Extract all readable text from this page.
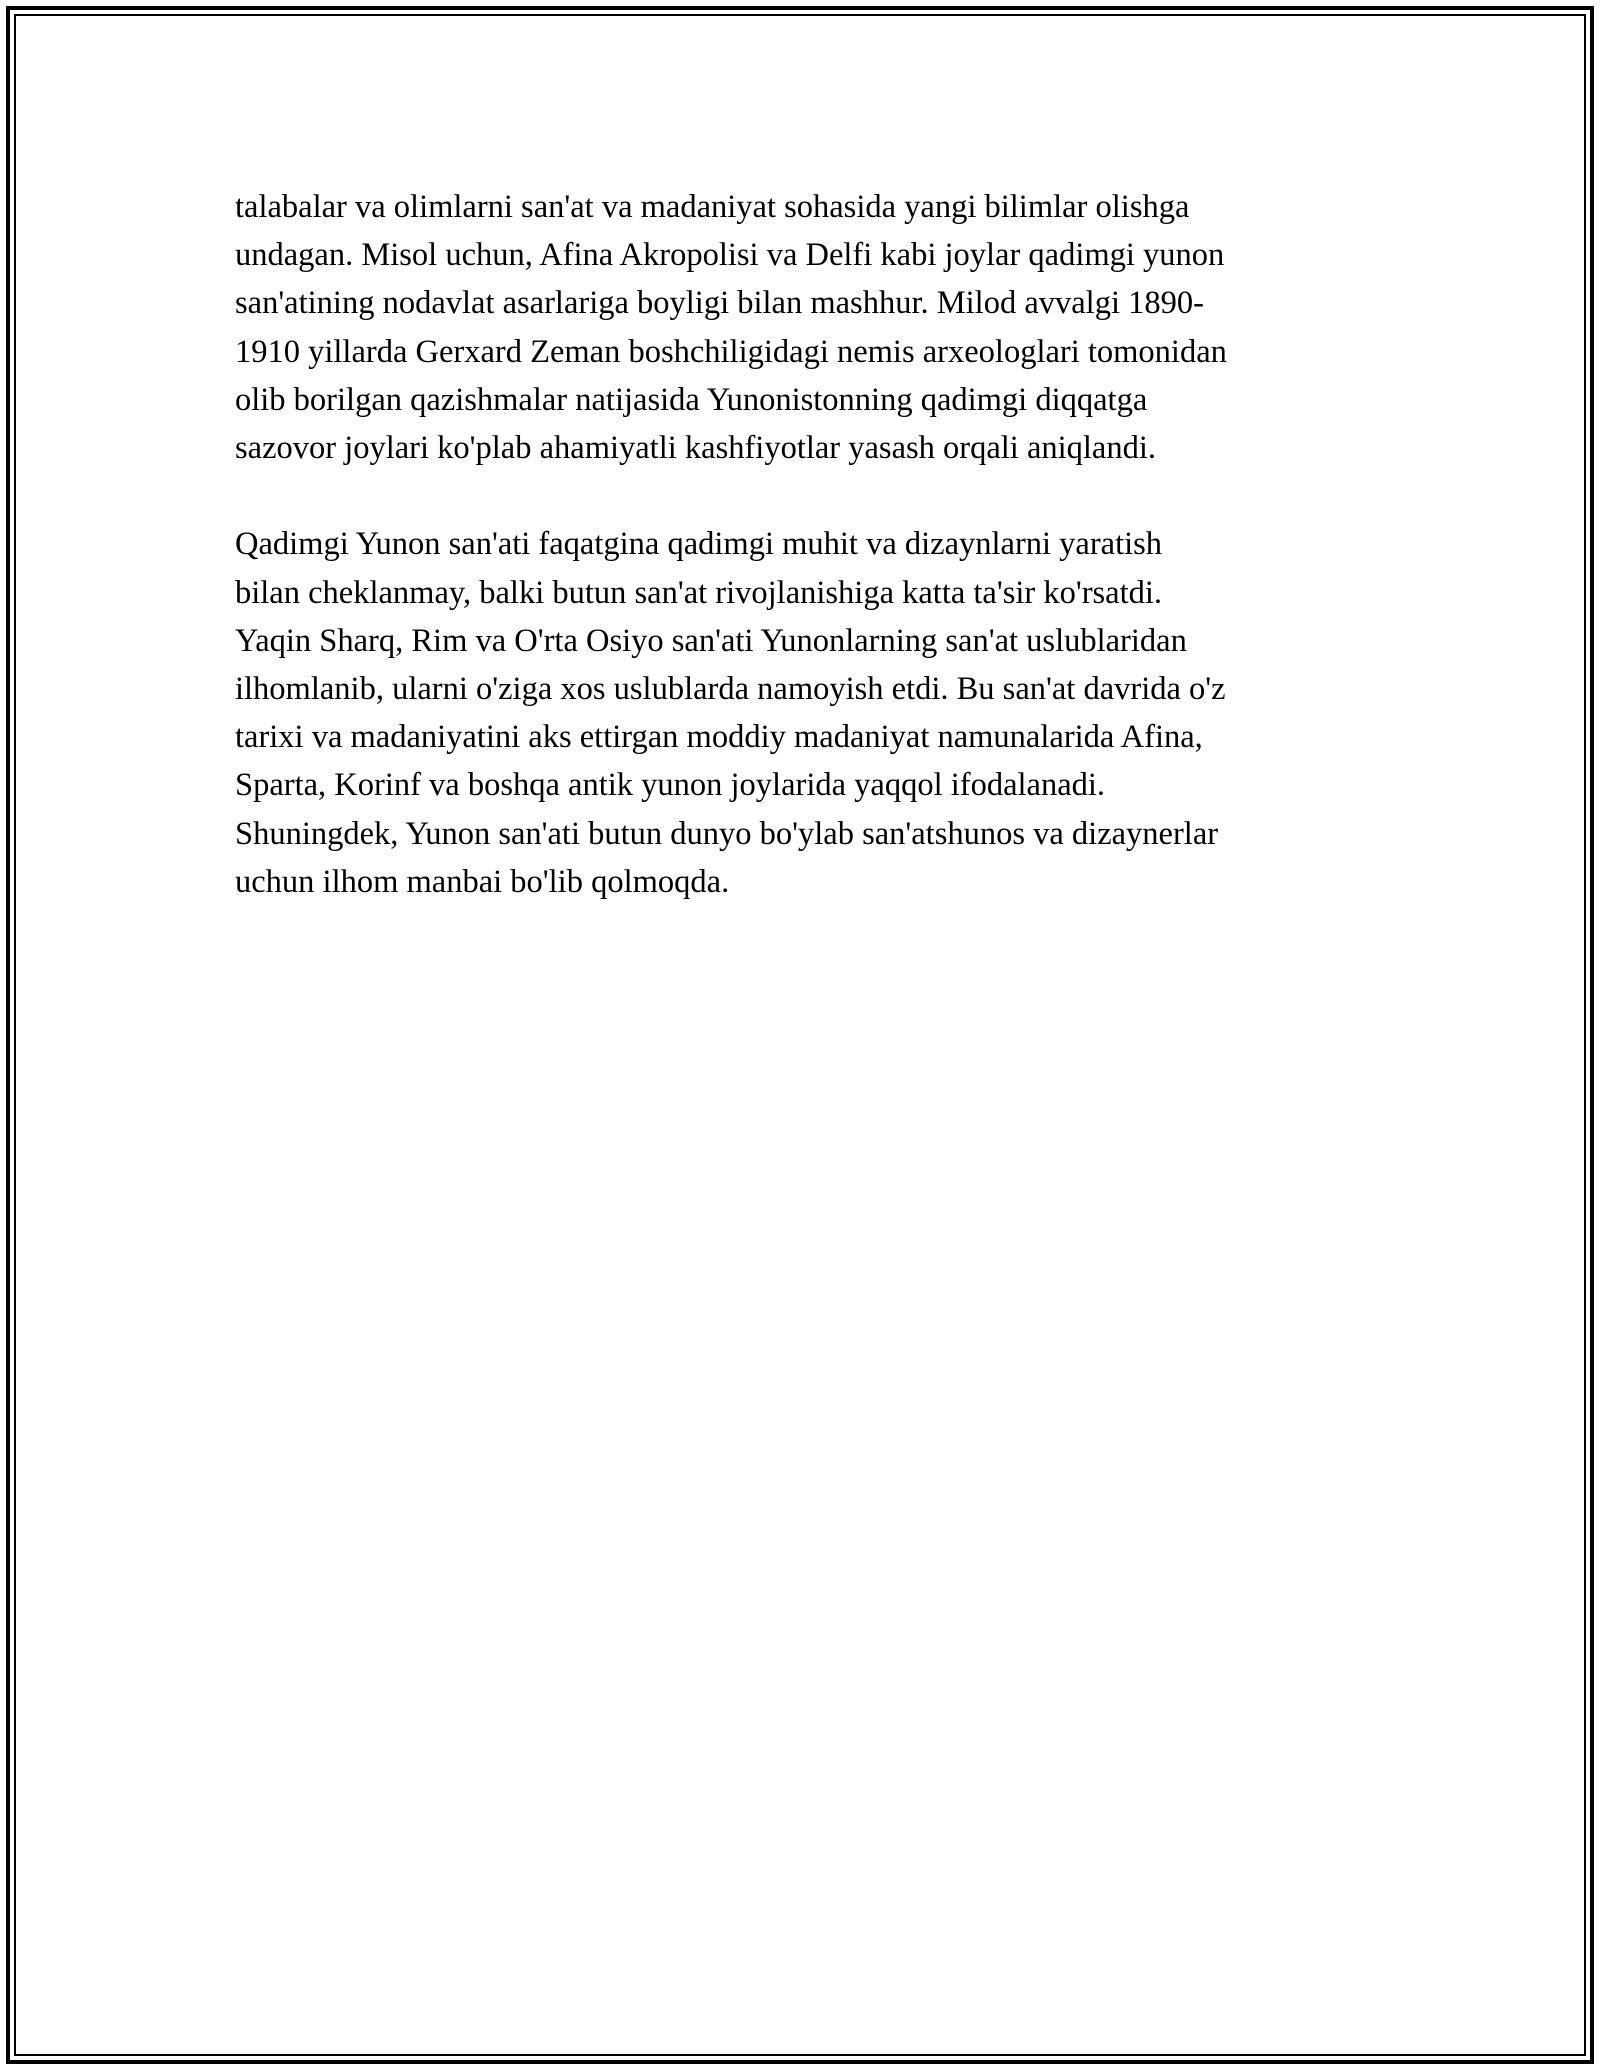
talabalar va olimlarni san'at va madaniyat sohasida yangi bilimlar olishga
undagan. Misol uchun, Afina Akropolisi va Delfi kabi joylar qadimgi yunon
san'atining nodavlat asarlariga boyligi bilan mashhur. Milod avvalgi 1890-
1910 yillarda Gerxard Zeman boshchiligidagi nemis arxeologlari tomonidan
olib borilgan qazishmalar natijasida Yunonistonning qadimgi diqqatga
sazovor joylari ko'plab ahamiyatli kashfiyotlar yasash orqali aniqlandi.

Qadimgi Yunon san'ati faqatgina qadimgi muhit va dizaynlarni yaratish
bilan cheklanmay, balki butun san'at rivojlanishiga katta ta'sir ko'rsatdi.
Yaqin Sharq, Rim va O'rta Osiyo san'ati Yunonlarning san'at uslublaridan
ilhomlanib, ularni o'ziga xos uslublarda namoyish etdi. Bu san'at davrida o'z
tarixi va madaniyatini aks ettirgan moddiy madaniyat namunalarida Afina,
Sparta, Korinf va boshqa antik yunon joylarida yaqqol ifodalanadi.
Shuningdek, Yunon san'ati butun dunyo bo'ylab san'atshunos va dizaynerlar
uchun ilhom manbai bo'lib qolmoqda.
